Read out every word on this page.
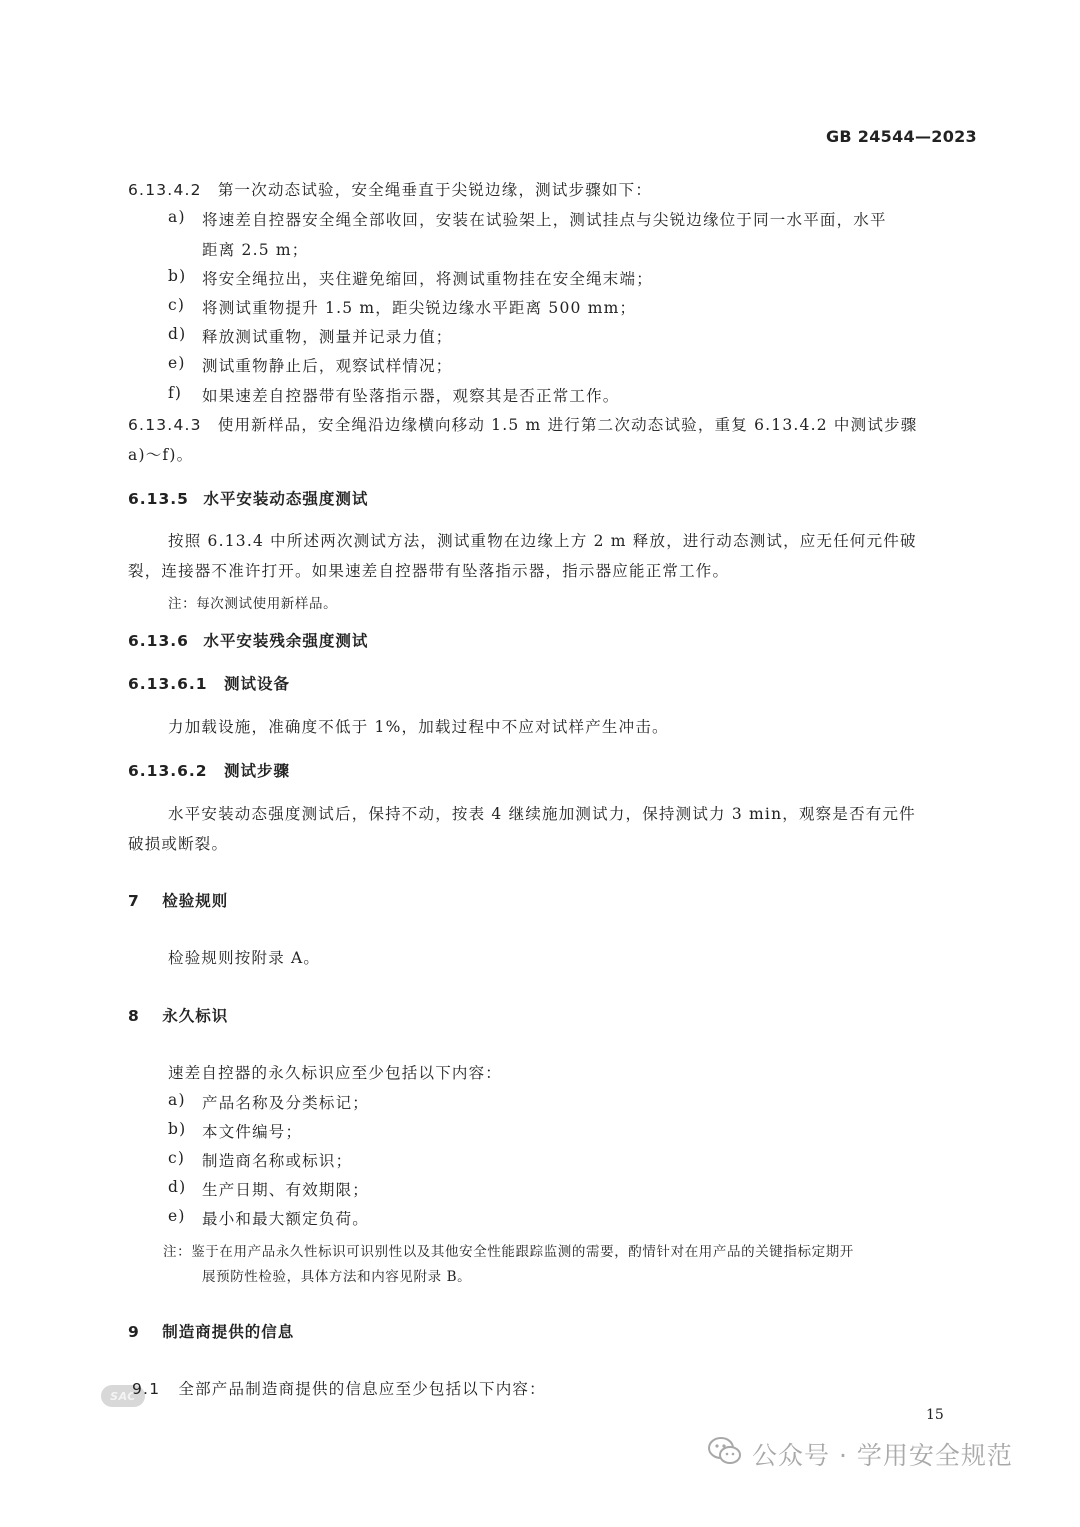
GB 24544—2023
6.13.4.2 第一次动态试验，安全绳垂直于尖锐边缘，测试步骤如下：
a) 将速差自控器安全绳全部收回，安装在试验架上，测试挂点与尖锐边缘位于同一水平面，水平
距离 2.5 m；
b) 将安全绳拉出，夹住避免缩回，将测试重物挂在安全绳末端；
c) 将测试重物提升 1.5 m，距尖锐边缘水平距离 500 mm；
d) 释放测试重物，测量并记录力值；
e) 测试重物静止后，观察试样情况；
f) 如果速差自控器带有坠落指示器，观察其是否正常工作。
6.13.4.3 使用新样品，安全绳沿边缘横向移动 1.5 m 进行第二次动态试验，重复 6.13.4.2 中测试步骤
a)～f)。
6.13.5 水平安装动态强度测试
按照 6.13.4 中所述两次测试方法，测试重物在边缘上方 2 m 释放，进行动态测试，应无任何元件破
裂，连接器不准许打开。如果速差自控器带有坠落指示器，指示器应能正常工作。
注：每次测试使用新样品。
6.13.6 水平安装残余强度测试
6.13.6.1 测试设备
力加载设施，准确度不低于 1%，加载过程中不应对试样产生冲击。
6.13.6.2 测试步骤
水平安装动态强度测试后，保持不动，按表 4 继续施加测试力，保持测试力 3 min，观察是否有元件
破损或断裂。
7 检验规则
检验规则按附录 A。
8 永久标识
速差自控器的永久标识应至少包括以下内容：
a) 产品名称及分类标记；
b) 本文件编号；
c) 制造商名称或标识；
d) 生产日期、有效期限；
e) 最小和最大额定负荷。
注：鉴于在用产品永久性标识可识别性以及其他安全性能跟踪监测的需要，酌情针对在用产品的关键指标定期开
展预防性检验，具体方法和内容见附录 B。
9 制造商提供的信息
SAC
9.1 全部产品制造商提供的信息应至少包括以下内容：
15
公众号 · 学用安全规范
